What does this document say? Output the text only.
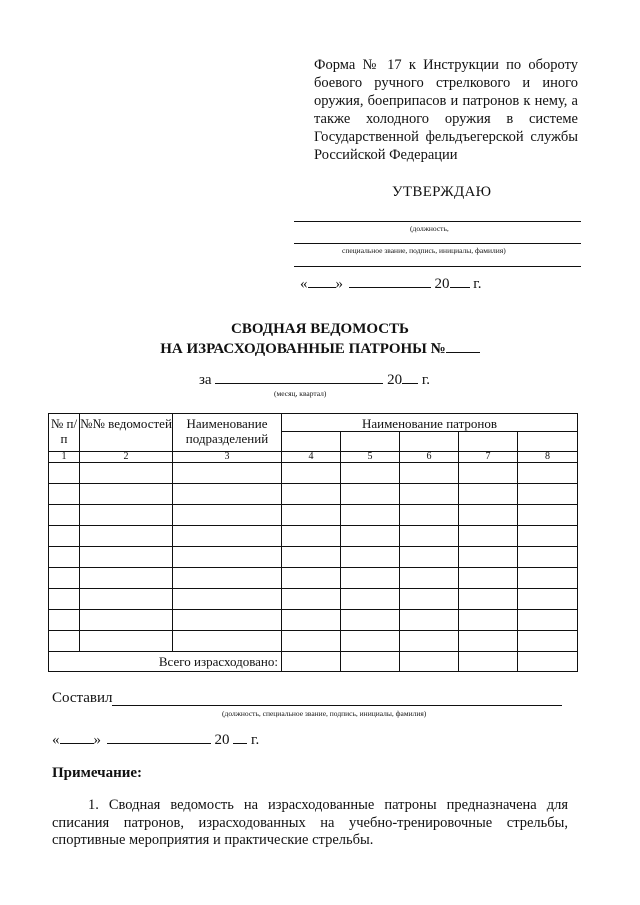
Форма № 17 к Инструкции по обороту
боевого ручного стрелкового и иного
оружия, боеприпасов и патронов к нему, а
также холодного оружия в системе
Государственной фельдъегерской службы
Российской Федерации
УТВЕРЖДАЮ
(должность,
специальное звание, подпись, инициалы, фамилия)
« »	20 г.
СВОДНАЯ ВЕДОМОСТЬ
НА ИЗРАСХОДОВАННЫЕ ПАТРОНЫ №
за	20 г.
(месяц, квартал)
№ п/п	№№ ведомостей	Наименование подразделений	Наименование патронов				

1	2	3	4	5	6	7	8

Всего израсходовано:							
Составил
(должность, специальное звание, подпись, инициалы, фамилия)
« »	20 г.
Примечание:
1. Сводная ведомость на израсходованные патроны предназначена для
списания патронов, израсходованных на учебно-тренировочные стрельбы,
спортивные мероприятия и практические стрельбы.
